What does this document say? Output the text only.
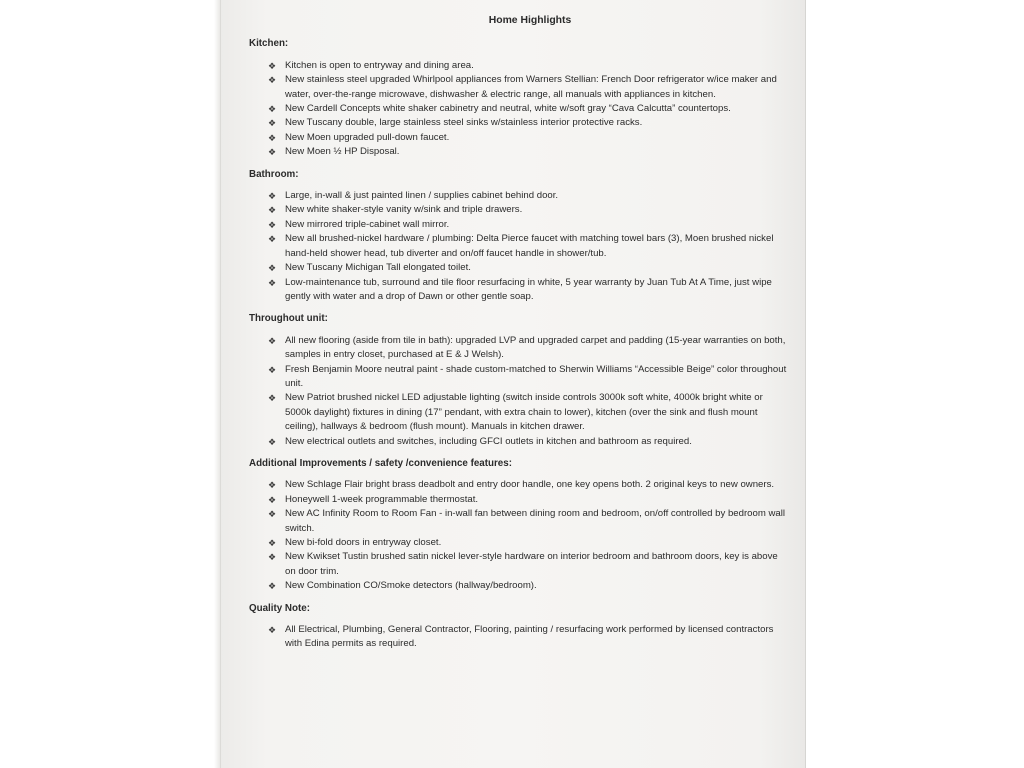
Home Highlights
Kitchen:
❖ Kitchen is open to entryway and dining area.
❖ New stainless steel upgraded Whirlpool appliances from Warners Stellian: French Door refrigerator w/ice maker and water, over-the-range microwave, dishwasher & electric range, all manuals with appliances in kitchen.
❖ New Cardell Concepts white shaker cabinetry and neutral, white w/soft gray “Cava Calcutta” countertops.
❖ New Tuscany double, large stainless steel sinks w/stainless interior protective racks.
❖ New Moen upgraded pull-down faucet.
❖ New Moen ½ HP Disposal.
Bathroom:
❖ Large, in-wall & just painted linen / supplies cabinet behind door.
❖ New white shaker-style vanity w/sink and triple drawers.
❖ New mirrored triple-cabinet wall mirror.
❖ New all brushed-nickel hardware / plumbing: Delta Pierce faucet with matching towel bars (3), Moen brushed nickel hand-held shower head, tub diverter and on/off faucet handle in shower/tub.
❖ New Tuscany Michigan Tall elongated toilet.
❖ Low-maintenance tub, surround and tile floor resurfacing in white, 5 year warranty by Juan Tub At A Time, just wipe gently with water and a drop of Dawn or other gentle soap.
Throughout unit:
❖ All new flooring (aside from tile in bath): upgraded LVP and upgraded carpet and padding (15-year warranties on both, samples in entry closet, purchased at E & J Welsh).
❖ Fresh Benjamin Moore neutral paint - shade custom-matched to Sherwin Williams “Accessible Beige” color throughout unit.
❖ New Patriot brushed nickel LED adjustable lighting (switch inside controls 3000k soft white, 4000k bright white or 5000k daylight) fixtures in dining (17” pendant, with extra chain to lower), kitchen (over the sink and flush mount ceiling), hallways & bedroom (flush mount). Manuals in kitchen drawer.
❖ New electrical outlets and switches, including GFCI outlets in kitchen and bathroom as required.
Additional Improvements / safety /convenience features:
❖ New Schlage Flair bright brass deadbolt and entry door handle, one key opens both. 2 original keys to new owners.
❖ Honeywell 1-week programmable thermostat.
❖ New AC Infinity Room to Room Fan - in-wall fan between dining room and bedroom, on/off controlled by bedroom wall switch.
❖ New bi-fold doors in entryway closet.
❖ New Kwikset Tustin brushed satin nickel lever-style hardware on interior bedroom and bathroom doors, key is above on door trim.
❖ New Combination CO/Smoke detectors (hallway/bedroom).
Quality Note:
❖ All Electrical, Plumbing, General Contractor, Flooring, painting / resurfacing work performed by licensed contractors with Edina permits as required.
